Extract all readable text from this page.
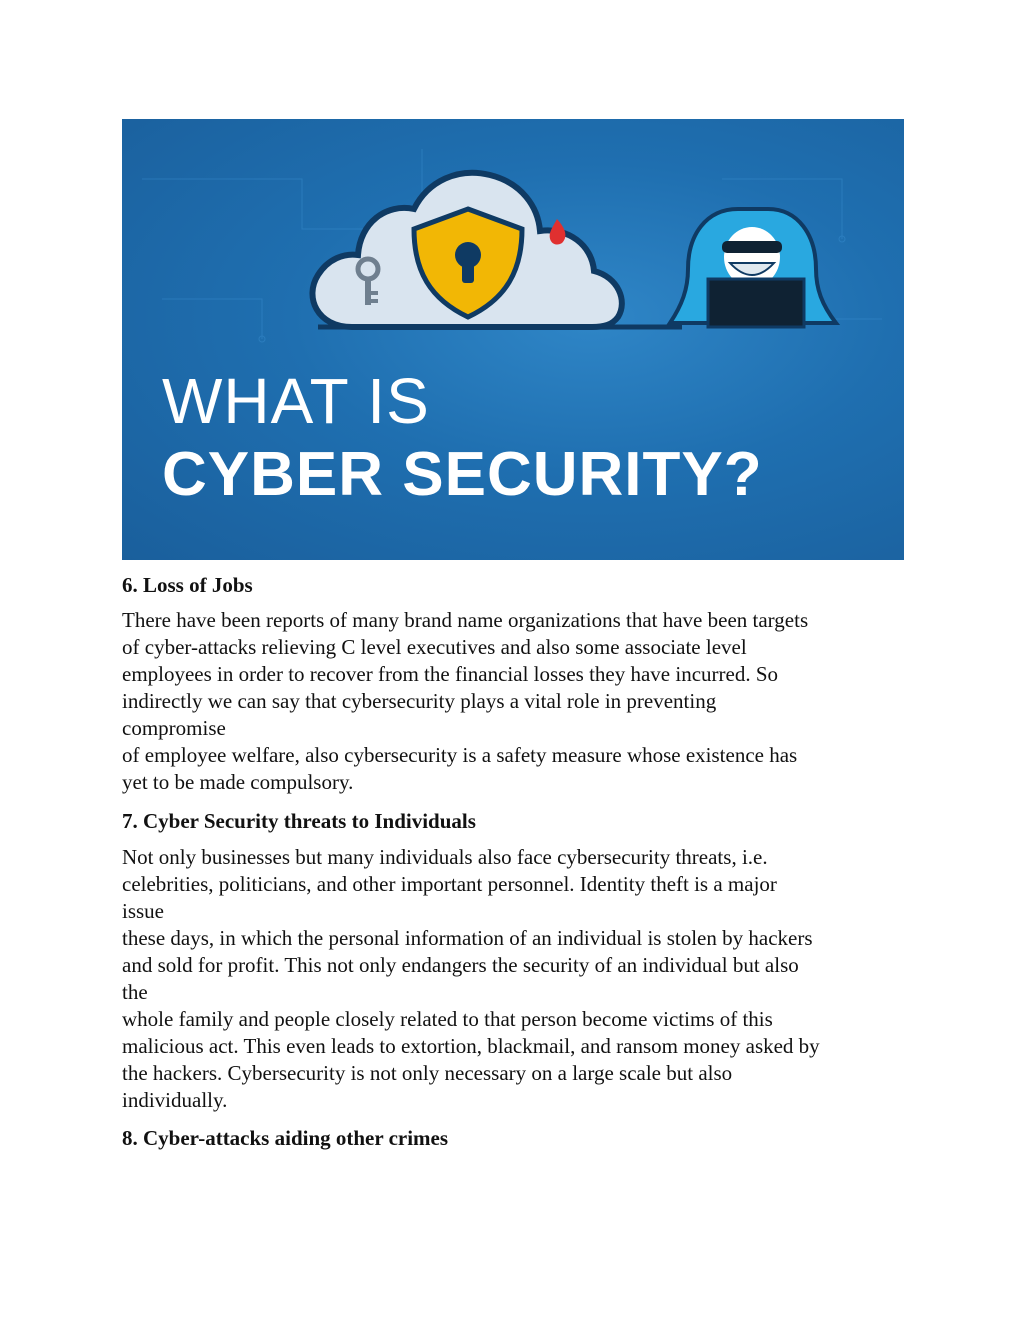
WHAT IS
CYBER SECURITY?
6. Loss of Jobs
There have been reports of many brand name organizations that have been targets
of cyber-attacks relieving C level executives and also some associate level
employees in order to recover from the financial losses they have incurred. So
indirectly we can say that cybersecurity plays a vital role in preventing
compromise
of employee welfare, also cybersecurity is a safety measure whose existence has
yet to be made compulsory.
7. Cyber Security threats to Individuals
Not only businesses but many individuals also face cybersecurity threats, i.e.
celebrities, politicians, and other important personnel. Identity theft is a major
issue
these days, in which the personal information of an individual is stolen by hackers
and sold for profit. This not only endangers the security of an individual but also
the
whole family and people closely related to that person become victims of this
malicious act. This even leads to extortion, blackmail, and ransom money asked by
the hackers. Cybersecurity is not only necessary on a large scale but also
individually.
8. Cyber-attacks aiding other crimes
